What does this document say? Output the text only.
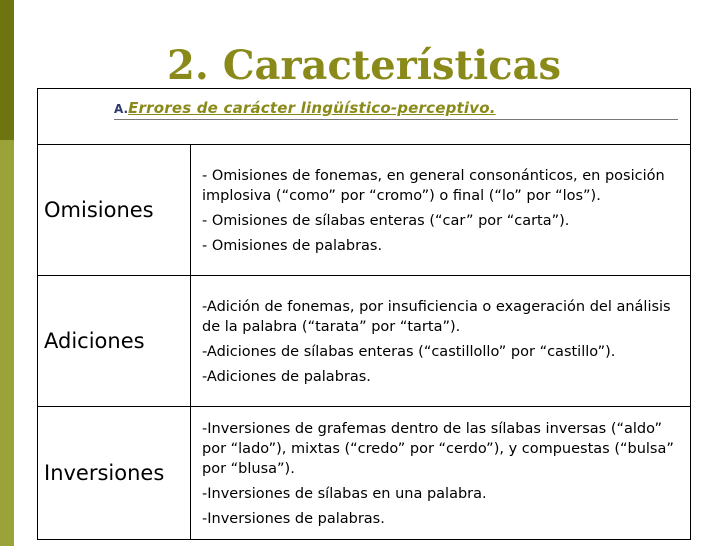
2. Características
A.Errores de carácter lingüístico-perceptivo.	

Omisiones	- Omisiones de fonemas, en general consonánticos, en posición implosiva (“como” por “cromo”) o final (“lo” por “los”).
- Omisiones de sílabas enteras (“car” por “carta”).
- Omisiones de palabras.

Adiciones	-Adición de fonemas, por insuficiencia o exageración del análisis de la palabra (“tarata” por “tarta”).
-Adiciones de sílabas enteras (“castillollo” por “castillo”).
-Adiciones de palabras.

Inversiones	-Inversiones de grafemas dentro de las sílabas inversas (“aldo” por “lado”), mixtas (“credo” por “cerdo”), y compuestas (“bulsa” por “blusa”).
-Inversiones de sílabas en una palabra.
-Inversiones de palabras.
